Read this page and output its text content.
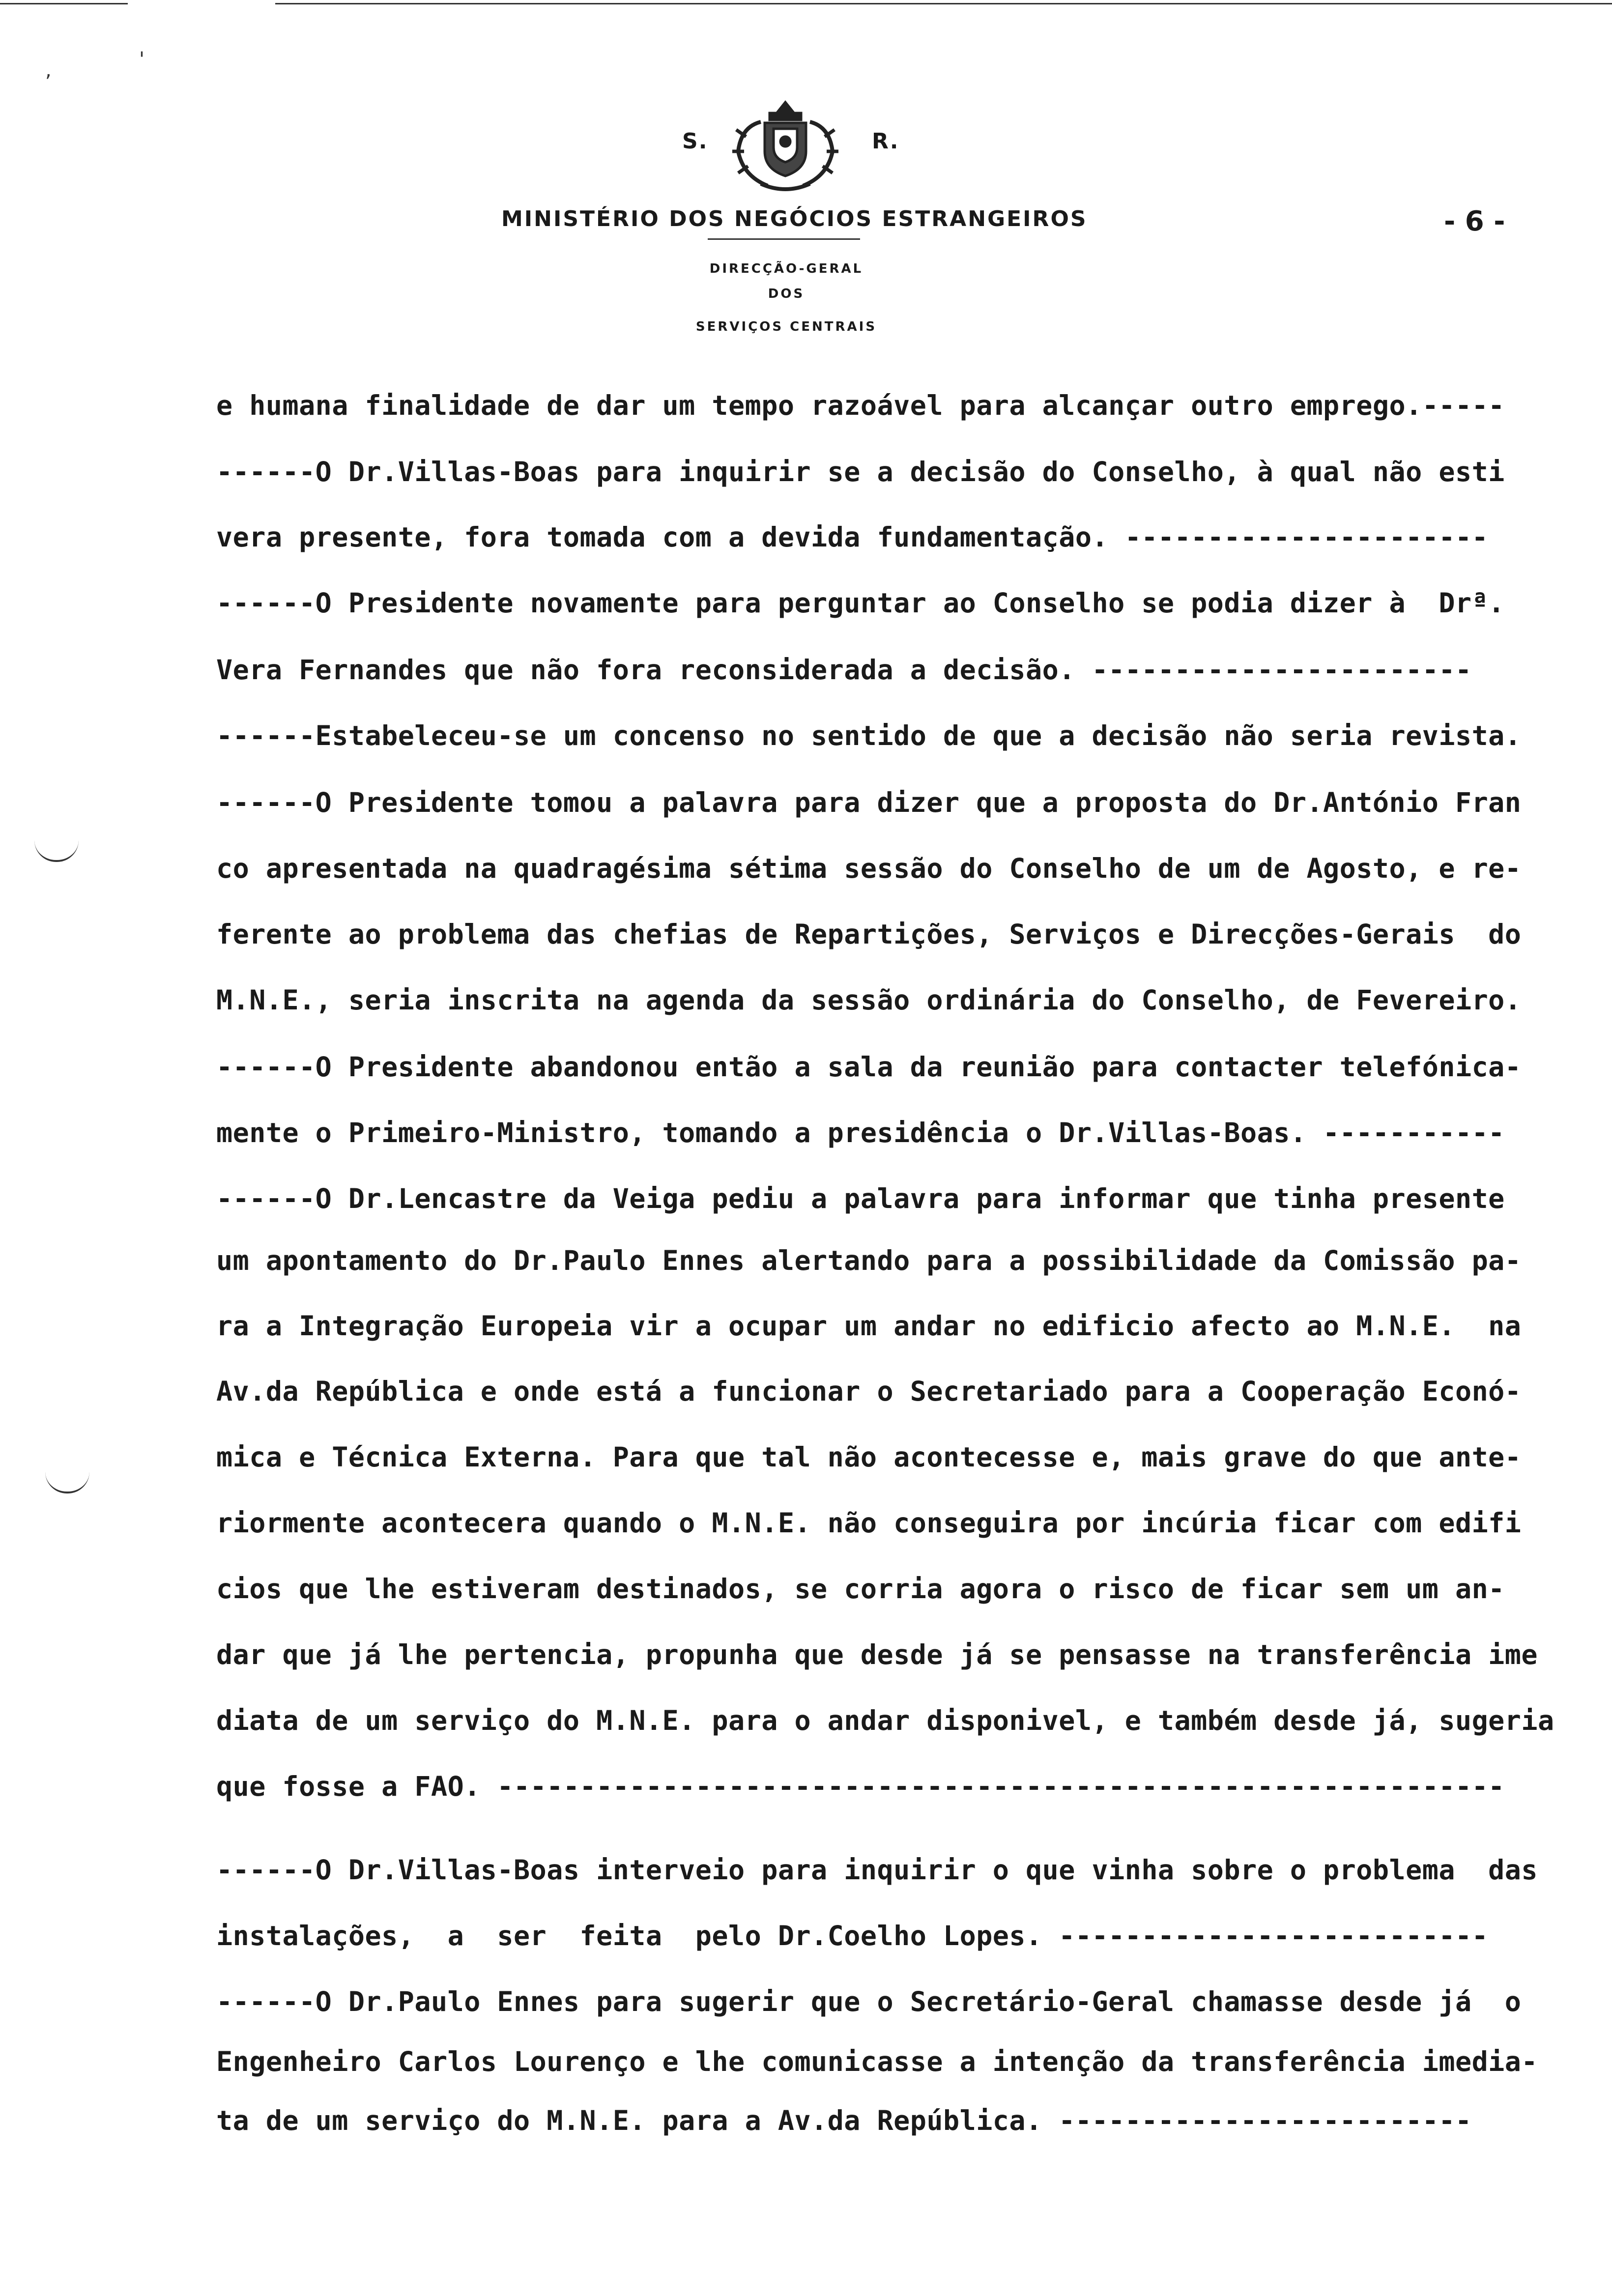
,	'
S.	R.
MINISTÉRIO DOS NEGÓCIOS ESTRANGEIROS	- 6 -
DIRECÇÃO-GERAL
DOS
SERVIÇOS CENTRAIS
e humana finalidade de dar um tempo razoável para alcançar outro emprego.-----
------O Dr.Villas-Boas para inquirir se a decisão do Conselho, à qual não esti
vera presente, fora tomada com a devida fundamentação. ----------------------
------O Presidente novamente para perguntar ao Conselho se podia dizer à  Drª.
Vera Fernandes que não fora reconsiderada a decisão. -----------------------
------Estabeleceu-se um concenso no sentido de que a decisão não seria revista.
------O Presidente tomou a palavra para dizer que a proposta do Dr.António Fran
co apresentada na quadragésima sétima sessão do Conselho de um de Agosto, e re-
ferente ao problema das chefias de Repartições, Serviços e Direcções-Gerais  do
M.N.E., seria inscrita na agenda da sessão ordinária do Conselho, de Fevereiro.
------O Presidente abandonou então a sala da reunião para contacter telefónica-
mente o Primeiro-Ministro, tomando a presidência o Dr.Villas-Boas. -----------
------O Dr.Lencastre da Veiga pediu a palavra para informar que tinha presente
um apontamento do Dr.Paulo Ennes alertando para a possibilidade da Comissão pa-
ra a Integração Europeia vir a ocupar um andar no edificio afecto ao M.N.E.  na
Av.da República e onde está a funcionar o Secretariado para a Cooperação Econó-
mica e Técnica Externa. Para que tal não acontecesse e, mais grave do que ante-
riormente acontecera quando o M.N.E. não conseguira por incúria ficar com edifi
cios que lhe estiveram destinados, se corria agora o risco de ficar sem um an-
dar que já lhe pertencia, propunha que desde já se pensasse na transferência ime
diata de um serviço do M.N.E. para o andar disponivel, e também desde já, sugeria
que fosse a FAO. -------------------------------------------------------------
------O Dr.Villas-Boas interveio para inquirir o que vinha sobre o problema  das
instalações,  a  ser  feita  pelo Dr.Coelho Lopes. --------------------------
------O Dr.Paulo Ennes para sugerir que o Secretário-Geral chamasse desde já  o
Engenheiro Carlos Lourenço e lhe comunicasse a intenção da transferência imedia-
ta de um serviço do M.N.E. para a Av.da República. -------------------------
